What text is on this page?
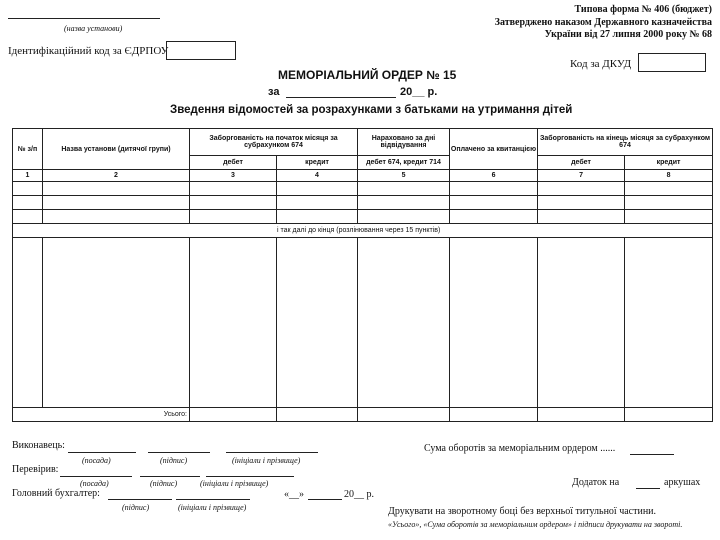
(назва установи)
Типова форма № 406 (бюджет)
Затверджено наказом Державного казначейства
України від 27 липня 2000 року № 68
Ідентифікаційний код за ЄДРПОУ
Код за ДКУД
МЕМОРІАЛЬНИЙ ОРДЕР № 15
за	20__ р.
Зведення відомостей за розрахунками з батьками на утримання дітей
№ з/п	Назва установи (дитячої групи)	Заборгованість на початок місяця за субрахунком 674		Нараховано за дні відвідування	Оплачено за квитанцією	Заборгованість на кінець місяця за субрахунком 674	
		дебет	кредит	дебет 674, кредит 714		дебет	кредит
1	2	3	4	5	6	7	8

і так далі до кінця (розлінювання через 15 пунктів)							

Усього:							
Виконавець:
(посада)	(підпис)	(ініціали і прізвище)
Сума оборотів за меморіальним ордером ......
Перевірив:
(посада)	(підпис)	(ініціали і прізвище)	Додаток на	аркушах
Головний бухгалтер:
(підпис)	(ініціали і прізвище)
«__»	20__ р.
Друкувати на зворотному боці без верхньої титульної частини.
«Усього», «Сума оборотів за меморіальним ордером» і підписи друкувати на звороті.
